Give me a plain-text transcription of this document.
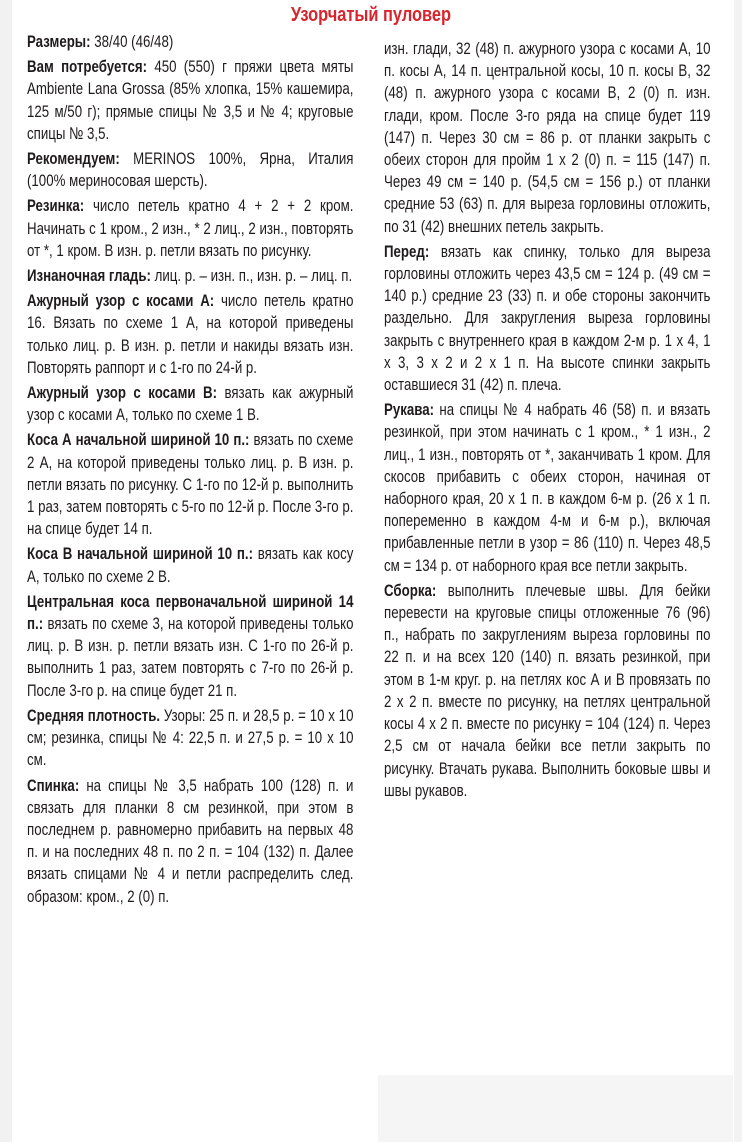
Узорчатый пуловер

Размеры: 38/40 (46/48)

Вам потребуется: 450 (550) г пряжи цвета мяты Ambiente Lana Grossa (85% хлопка, 15% кашемира, 125 м/50 г); прямые спицы № 3,5 и № 4; круговые спицы № 3,5.

Рекомендуем: MERINOS 100%, Ярна, Италия (100% мериносовая шерсть).

Резинка: число петель кратно 4 + 2 + 2 кром. Начинать с 1 кром., 2 изн., * 2 лиц., 2 изн., повторять от *, 1 кром. В изн. р. петли вязать по рисунку.

Изнаночная гладь: лиц. р. – изн. п., изн. р. – лиц. п.

Ажурный узор с косами А: число петель кратно 16. Вязать по схеме 1 А, на которой приведены только лиц. р. В изн. р. петли и накиды вязать изн. Повторять раппорт и с 1-го по 24-й р.

Ажурный узор с косами В: вязать как ажурный узор с косами А, только по схеме 1 В.

Коса А начальной шириной 10 п.: вязать по схеме 2 А, на которой приведены только лиц. р. В изн. р. петли вязать по рисунку. С 1-го по 12-й р. выполнить 1 раз, затем повторять с 5-го по 12-й р. После 3-го р. на спице будет 14 п.

Коса В начальной шириной 10 п.: вязать как косу А, только по схеме 2 В.

Центральная коса первоначальной шириной 14 п.: вязать по схеме 3, на которой приведены только лиц. р. В изн. р. петли вязать изн. С 1-го по 26-й р. выполнить 1 раз, затем повторять с 7-го по 26-й р. После 3-го р. на спице будет 21 п.

Средняя плотность. Узоры: 25 п. и 28,5 р. = 10 х 10 см; резинка, спицы № 4: 22,5 п. и 27,5 р. = 10 х 10 см.

Спинка: на спицы № 3,5 набрать 100 (128) п. и связать для планки 8 см резинкой, при этом в последнем р. равномерно прибавить на первых 48 п. и на последних 48 п. по 2 п. = 104 (132) п. Далее вязать спицами № 4 и петли распределить след. образом: кром., 2 (0) п.

изн. глади, 32 (48) п. ажурного узора с косами А, 10 п. косы А, 14 п. центральной косы, 10 п. косы В, 32 (48) п. ажурного узора с косами В, 2 (0) п. изн. глади, кром. После 3-го ряда на спице будет 119 (147) п. Через 30 см = 86 р. от планки закрыть с обеих сторон для пройм 1 х 2 (0) п. = 115 (147) п. Через 49 см = 140 р. (54,5 см = 156 р.) от планки средние 53 (63) п. для выреза горловины отложить, по 31 (42) внешних петель закрыть.

Перед: вязать как спинку, только для выреза горловины отложить через 43,5 см = 124 р. (49 см = 140 р.) средние 23 (33) п. и обе стороны закончить раздельно. Для закругления выреза горловины закрыть с внутреннего края в каждом 2-м р. 1 х 4, 1 х 3, 3 х 2 и 2 х 1 п. На высоте спинки закрыть оставшиеся 31 (42) п. плеча.

Рукава: на спицы № 4 набрать 46 (58) п. и вязать резинкой, при этом начинать с 1 кром., * 1 изн., 2 лиц., 1 изн., повторять от *, заканчивать 1 кром. Для скосов прибавить с обеих сторон, начиная от наборного края, 20 х 1 п. в каждом 6-м р. (26 х 1 п. попеременно в каждом 4-м и 6-м р.), включая прибавленные петли в узор = 86 (110) п. Через 48,5 см = 134 р. от наборного края все петли закрыть.

Сборка: выполнить плечевые швы. Для бейки перевести на круговые спицы отложенные 76 (96) п., набрать по закруглениям выреза горловины по 22 п. и на всех 120 (140) п. вязать резинкой, при этом в 1-м круг. р. на петлях кос А и В провязать по 2 х 2 п. вместе по рисунку, на петлях центральной косы 4 х 2 п. вместе по рисунку = 104 (124) п. Через 2,5 см от начала бейки все петли закрыть по рисунку. Втачать рукава. Выполнить боковые швы и швы рукавов.
